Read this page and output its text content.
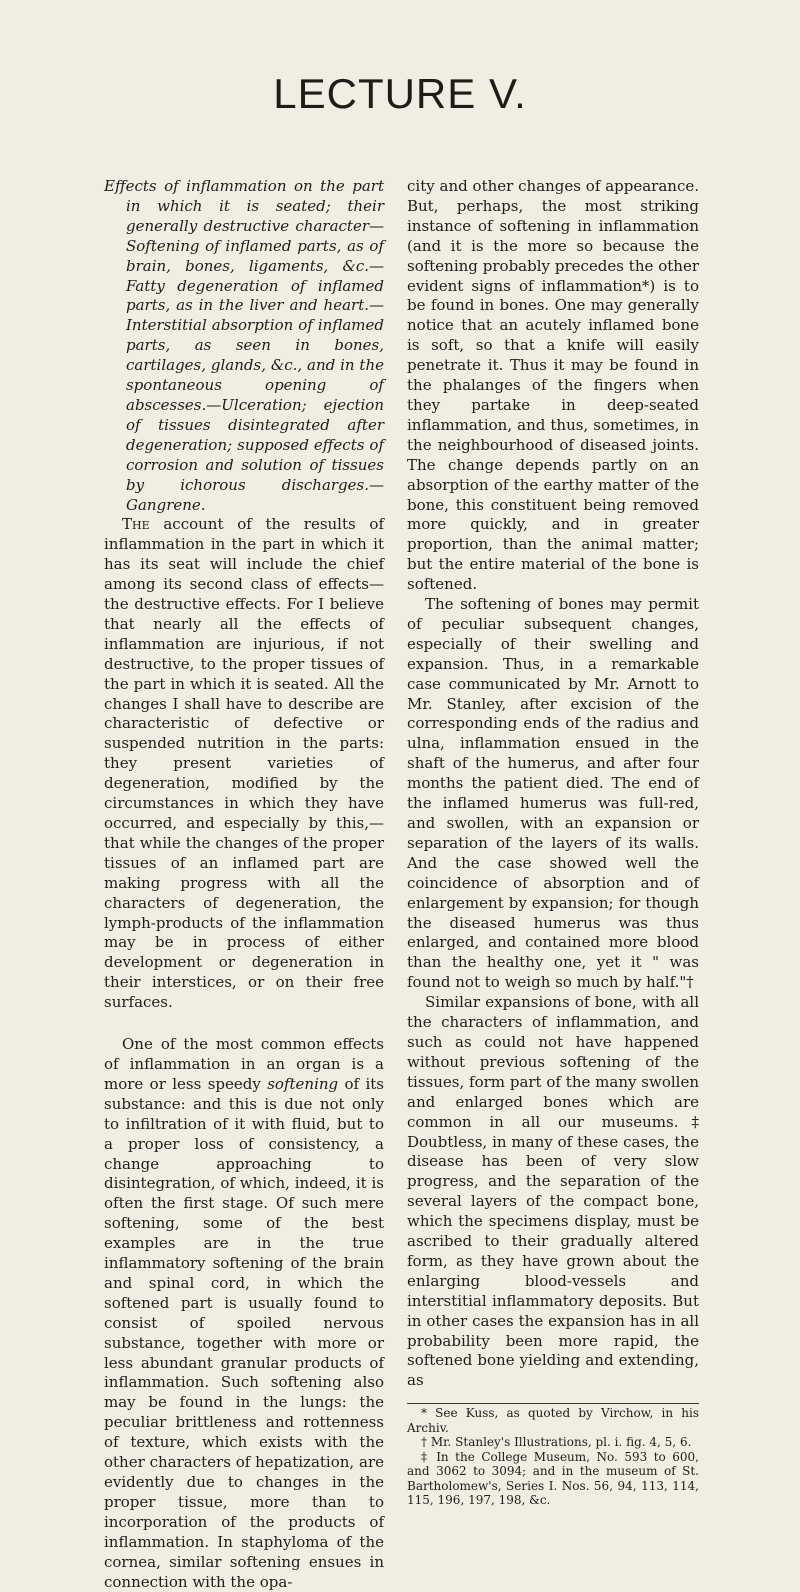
LECTURE V.

Effects of inflammation on the part in which it is seated; their generally destructive character—Softening of inflamed parts, as of brain, bones, ligaments, &c.—Fatty degeneration of inflamed parts, as in the liver and heart.—Interstitial absorption of inflamed parts, as seen in bones, cartilages, glands, &c., and in the spontaneous opening of abscesses.—Ulceration; ejection of tissues disintegrated after degeneration; supposed effects of corrosion and solution of tissues by ichorous discharges.—Gangrene.

The account of the results of inflammation in the part in which it has its seat will include the chief among its second class of effects—the destructive effects. For I believe that nearly all the effects of inflammation are injurious, if not destructive, to the proper tissues of the part in which it is seated. All the changes I shall have to describe are characteristic of defective or suspended nutrition in the parts: they present varieties of degeneration, modified by the circumstances in which they have occurred, and especially by this,—that while the changes of the proper tissues of an inflamed part are making progress with all the characters of degeneration, the lymph-products of the inflammation may be in process of either development or degeneration in their interstices, or on their free surfaces.

One of the most common effects of inflammation in an organ is a more or less speedy softening of its substance: and this is due not only to infiltration of it with fluid, but to a proper loss of consistency, a change approaching to disintegration, of which, indeed, it is often the first stage. Of such mere softening, some of the best examples are in the true inflammatory softening of the brain and spinal cord, in which the softened part is usually found to consist of spoiled nervous substance, together with more or less abundant granular products of inflammation. Such softening also may be found in the lungs: the peculiar brittleness and rottenness of texture, which exists with the other characters of hepatization, are evidently due to changes in the proper tissue, more than to incorporation of the products of inflammation. In staphyloma of the cornea, similar softening ensues in connection with the opa-

city and other changes of appearance. But, perhaps, the most striking instance of softening in inflammation (and it is the more so because the softening probably precedes the other evident signs of inflammation*) is to be found in bones. One may generally notice that an acutely inflamed bone is soft, so that a knife will easily penetrate it. Thus it may be found in the phalanges of the fingers when they partake in deep-seated inflammation, and thus, sometimes, in the neighbourhood of diseased joints. The change depends partly on an absorption of the earthy matter of the bone, this constituent being removed more quickly, and in greater proportion, than the animal matter; but the entire material of the bone is softened.

The softening of bones may permit of peculiar subsequent changes, especially of their swelling and expansion. Thus, in a remarkable case communicated by Mr. Arnott to Mr. Stanley, after excision of the corresponding ends of the radius and ulna, inflammation ensued in the shaft of the humerus, and after four months the patient died. The end of the inflamed humerus was full-red, and swollen, with an expansion or separation of the layers of its walls. And the case showed well the coincidence of absorption and of enlargement by expansion; for though the diseased humerus was thus enlarged, and contained more blood than the healthy one, yet it " was found not to weigh so much by half."†

Similar expansions of bone, with all the characters of inflammation, and such as could not have happened without previous softening of the tissues, form part of the many swollen and enlarged bones which are common in all our museums.‡ Doubtless, in many of these cases, the disease has been of very slow progress, and the separation of the several layers of the compact bone, which the specimens display, must be ascribed to their gradually altered form, as they have grown about the enlarging blood-vessels and interstitial inflammatory deposits. But in other cases the expansion has in all probability been more rapid, the softened bone yielding and extending, as

* See Kuss, as quoted by Virchow, in his Archiv.

† Mr. Stanley's Illustrations, pl. i. fig. 4, 5, 6.

‡ In the College Museum, No. 593 to 600, and 3062 to 3094; and in the museum of St. Bartholomew's, Series I. Nos. 56, 94, 113, 114, 115, 196, 197, 198, &c.
